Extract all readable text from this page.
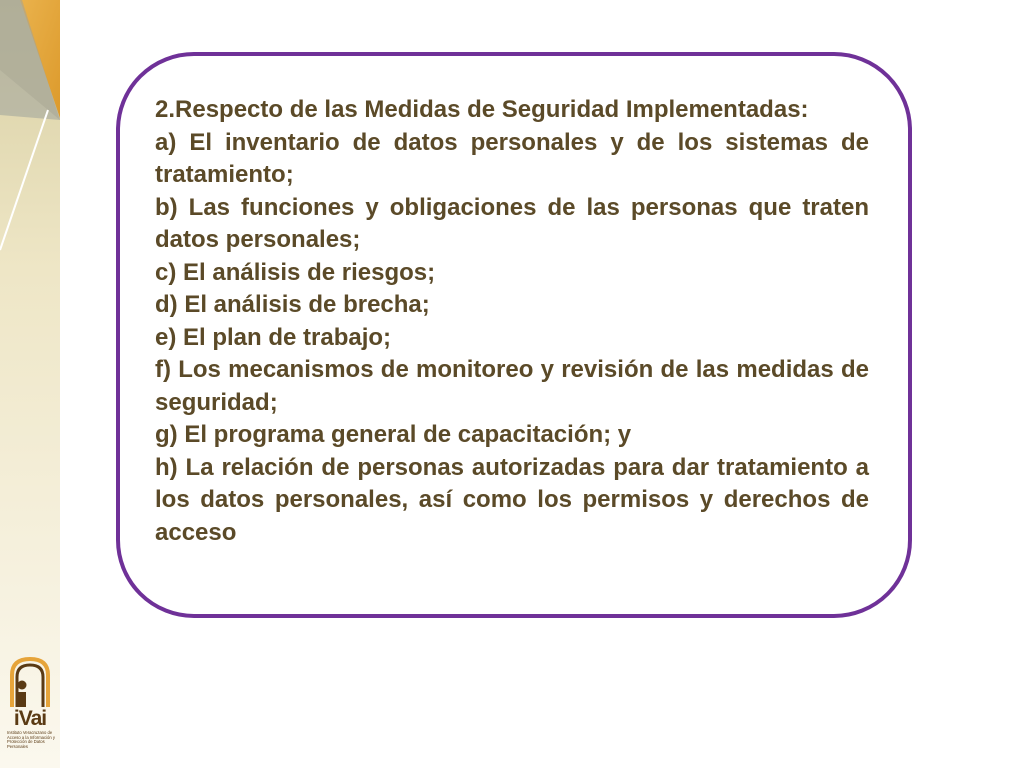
2.Respecto de las Medidas de Seguridad Implementadas:

a) El inventario de datos personales y de los sistemas de tratamiento;

b) Las funciones y obligaciones de las personas que traten datos personales;

c) El análisis de riesgos;

d) El análisis de brecha;

e) El plan de trabajo;

f) Los mecanismos de monitoreo y revisión de las medidas de seguridad;

g) El programa general de capacitación; y

h) La relación de personas autorizadas para dar tratamiento a los datos personales, así como los permisos y derechos de acceso

iVai
Instituto Veracruzano de Acceso a la Información y Protección de Datos Personales
